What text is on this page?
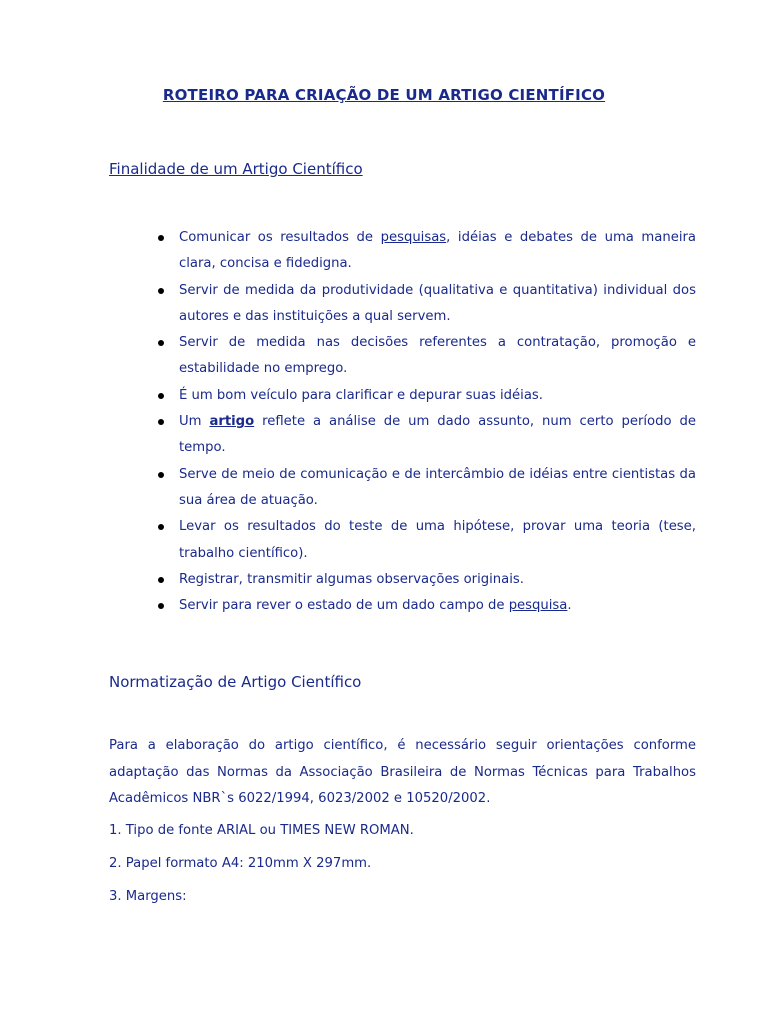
ROTEIRO PARA CRIAÇÃO DE UM ARTIGO CIENTÍFICO
Finalidade de um Artigo Científico
Comunicar os resultados de pesquisas, idéias e debates de uma maneira clara, concisa e fidedigna.
Servir de medida da produtividade (qualitativa e quantitativa) individual dos autores e das instituições a qual servem.
Servir de medida nas decisões referentes a contratação, promoção e estabilidade no emprego.
É um bom veículo para clarificar e depurar suas idéias.
Um artigo reflete a análise de um dado assunto, num certo período de tempo.
Serve de meio de comunicação e de intercâmbio de idéias entre cientistas da sua área de atuação.
Levar os resultados do teste de uma hipótese, provar uma teoria (tese, trabalho científico).
Registrar, transmitir algumas observações originais.
Servir para rever o estado de um dado campo de pesquisa.
Normatização de Artigo Científico
Para a elaboração do artigo científico, é necessário seguir orientações conforme adaptação das Normas da Associação Brasileira de Normas Técnicas para Trabalhos Acadêmicos NBR`s 6022/1994, 6023/2002 e 10520/2002.
1. Tipo de fonte ARIAL ou TIMES NEW ROMAN.
2. Papel formato A4: 210mm X 297mm.
3. Margens:
